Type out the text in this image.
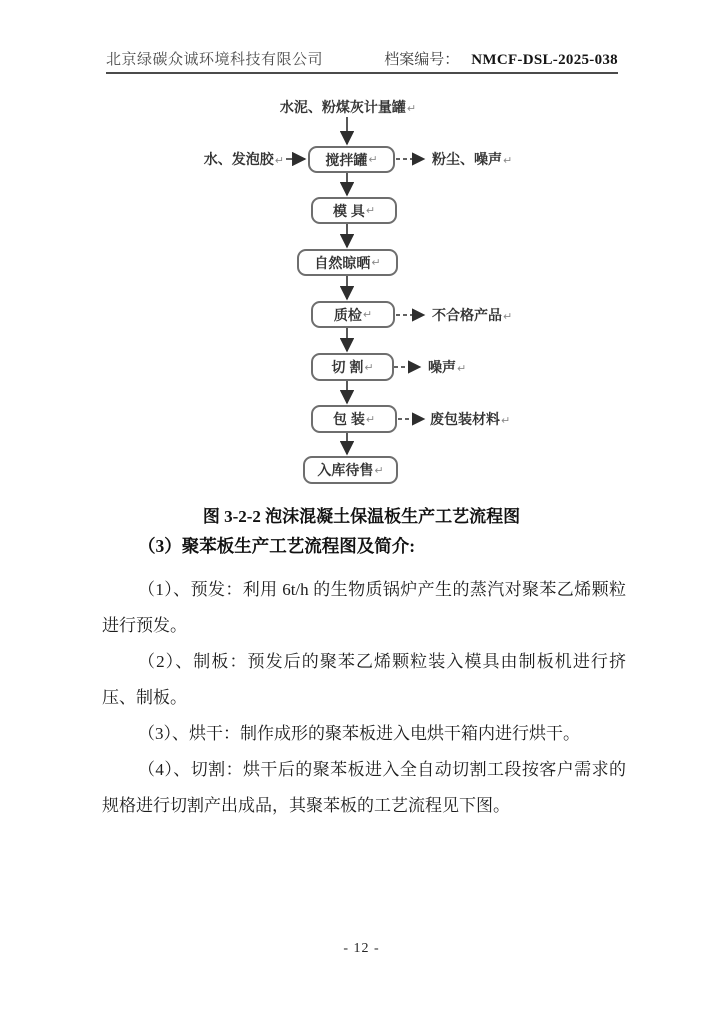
北京绿碳众诚环境科技有限公司	档案编号： NMCF-DSL-2025-038
水泥、粉煤灰计量罐↵
水、发泡胶↵	搅拌罐 ↵
模 具 ↵
自然晾晒 ↵
质检 ↵
切 割 ↵
包 装 ↵
入库待售 ↵
粉尘、噪声↵
不合格产品↵
噪声↵
废包装材料↵
图 3-2-2 泡沫混凝土保温板生产工艺流程图
（3）聚苯板生产工艺流程图及简介:

（1）、预发：利用 6t/h 的生物质锅炉产生的蒸汽对聚苯乙烯颗粒进行预发。

（2）、制板：预发后的聚苯乙烯颗粒装入模具由制板机进行挤压、制板。

（3）、烘干：制作成形的聚苯板进入电烘干箱内进行烘干。

（4）、切割：烘干后的聚苯板进入全自动切割工段按客户需求的规格进行切割产出成品，其聚苯板的工艺流程见下图。

- 12 -
